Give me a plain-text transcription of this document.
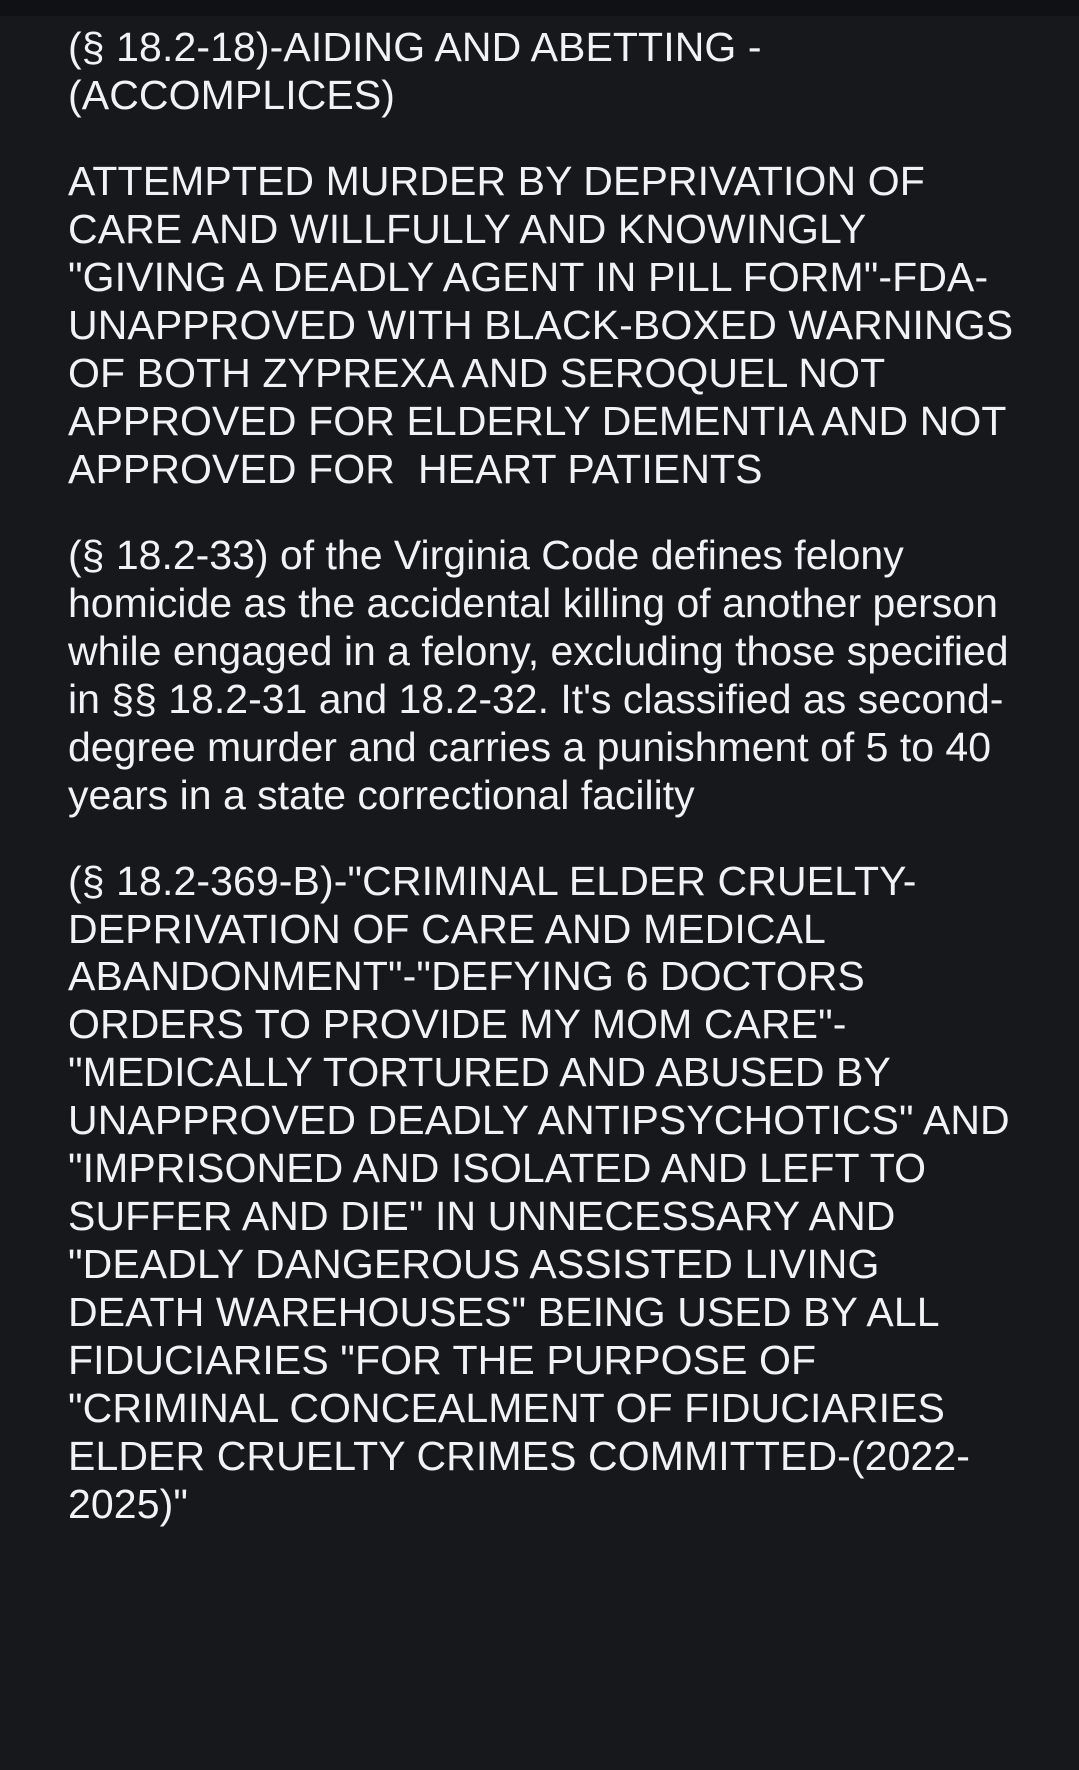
(§ 18.2-18)-AIDING AND ABETTING -(ACCOMPLICES)

ATTEMPTED MURDER BY DEPRIVATION OF CARE AND WILLFULLY AND KNOWINGLY "GIVING A DEADLY AGENT IN PILL FORM"-FDA-UNAPPROVED WITH BLACK-BOXED WARNINGS OF BOTH ZYPREXA AND SEROQUEL NOT APPROVED FOR ELDERLY DEMENTIA AND NOT APPROVED FOR  HEART PATIENTS

(§ 18.2-33) of the Virginia Code defines felony homicide as the accidental killing of another person while engaged in a felony, excluding those specified in §§ 18.2-31 and 18.2-32. It's classified as second-degree murder and carries a punishment of 5 to 40 years in a state correctional facility

(§ 18.2-369-B)-"CRIMINAL ELDER CRUELTY-DEPRIVATION OF CARE AND MEDICAL ABANDONMENT"-"DEFYING 6 DOCTORS ORDERS TO PROVIDE MY MOM CARE"-"MEDICALLY TORTURED AND ABUSED BY UNAPPROVED DEADLY ANTIPSYCHOTICS" AND "IMPRISONED AND ISOLATED AND LEFT TO SUFFER AND DIE" IN UNNECESSARY AND "DEADLY DANGEROUS ASSISTED LIVING DEATH WAREHOUSES" BEING USED BY ALL FIDUCIARIES "FOR THE PURPOSE OF "CRIMINAL CONCEALMENT OF FIDUCIARIES ELDER CRUELTY CRIMES COMMITTED-(2022-2025)"
